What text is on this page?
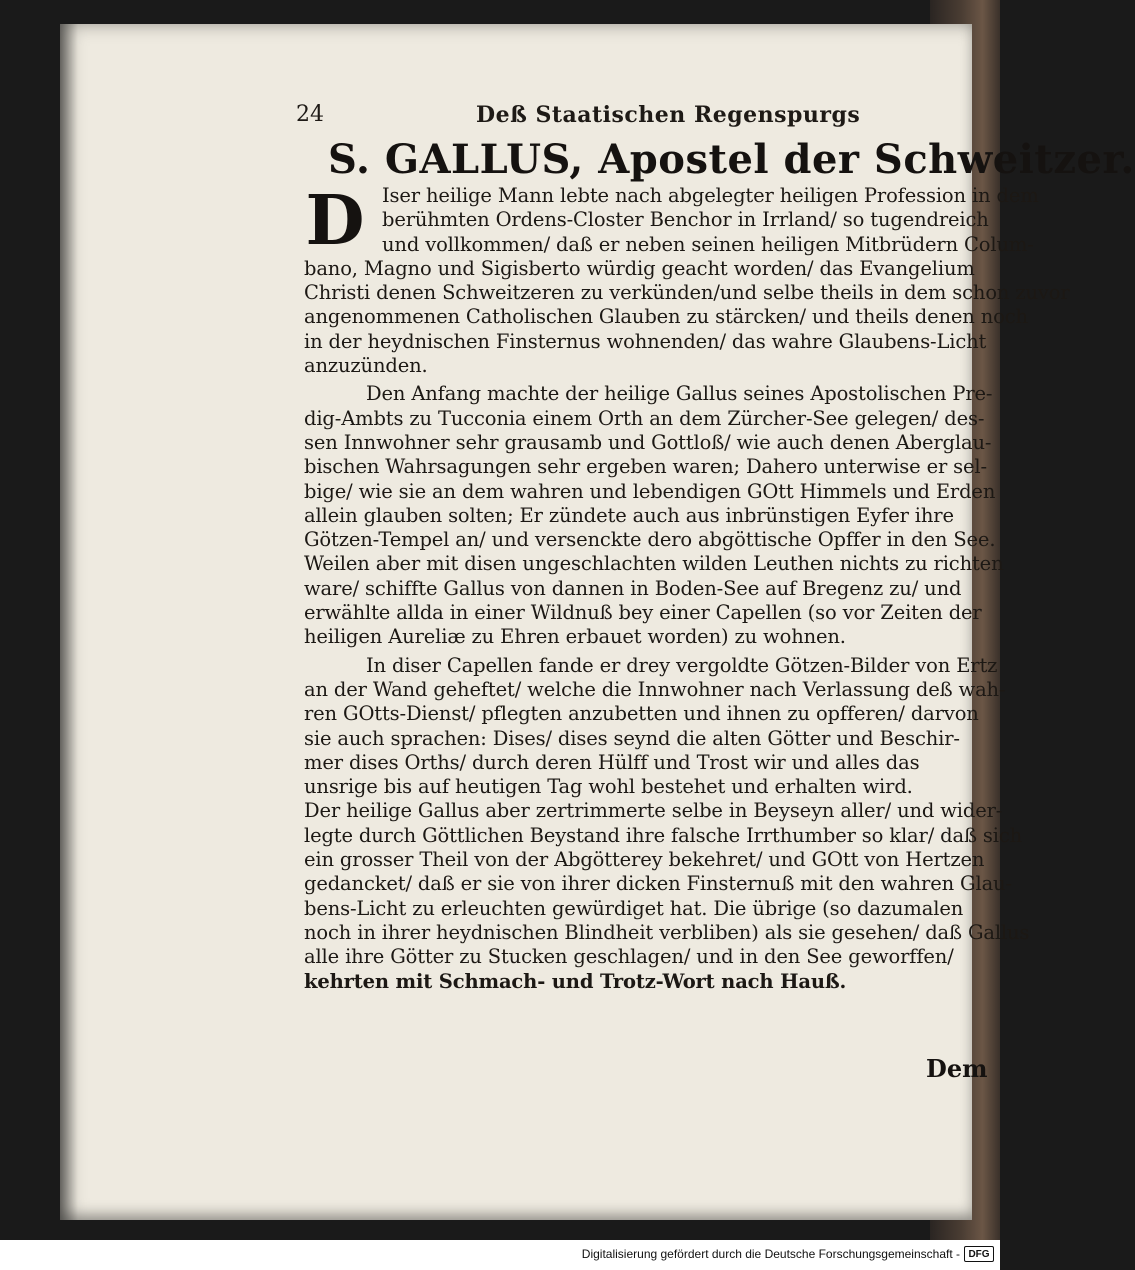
24	Deß Staatischen Regenspurgs
S. GALLUS, Apostel der Schweitzer.
D Iser heilige Mann lebte nach abgelegter heiligen Profession in dem
berühmten Ordens-Closter Benchor in Irrland/ so tugendreich
und vollkommen/ daß er neben seinen heiligen Mitbrüdern Colum-
bano, Magno und Sigisberto würdig geacht worden/ das Evangelium
Christi denen Schweitzeren zu verkünden/und selbe theils in dem schon zuvor
angenommenen Catholischen Glauben zu stärcken/ und theils denen noch
in der heydnischen Finsternus wohnenden/ das wahre Glaubens-Licht
anzuzünden.
Den Anfang machte der heilige Gallus seines Apostolischen Pre-
dig-Ambts zu Tucconia einem Orth an dem Zürcher-See gelegen/ des-
sen Innwohner sehr grausamb und Gottloß/ wie auch denen Aberglau-
bischen Wahrsagungen sehr ergeben waren; Dahero unterwise er sel-
bige/ wie sie an dem wahren und lebendigen GOtt Himmels und Erden
allein glauben solten; Er zündete auch aus inbrünstigen Eyfer ihre
Götzen-Tempel an/ und versenckte dero abgöttische Opffer in den See.
Weilen aber mit disen ungeschlachten wilden Leuthen nichts zu richten
ware/ schiffte Gallus von dannen in Boden-See auf Bregenz zu/ und
erwählte allda in einer Wildnuß bey einer Capellen (so vor Zeiten der
heiligen Aureliæ zu Ehren erbauet worden) zu wohnen.
In diser Capellen fande er drey vergoldte Götzen-Bilder von Ertz
an der Wand geheftet/ welche die Innwohner nach Verlassung deß wah-
ren GOtts-Dienst/ pflegten anzubetten und ihnen zu opfferen/ darvon
sie auch sprachen: Dises/ dises seynd die alten Götter und Beschir-
mer dises Orths/ durch deren Hülff und Trost wir und alles das
unsrige bis auf heutigen Tag wohl bestehet und erhalten wird.
Der heilige Gallus aber zertrimmerte selbe in Beyseyn aller/ und wider-
legte durch Göttlichen Beystand ihre falsche Irrthumber so klar/ daß sich
ein grosser Theil von der Abgötterey bekehret/ und GOtt von Hertzen
gedancket/ daß er sie von ihrer dicken Finsternuß mit den wahren Glau-
bens-Licht zu erleuchten gewürdiget hat. Die übrige (so dazumalen
noch in ihrer heydnischen Blindheit verbliben) als sie gesehen/ daß Gallus
alle ihre Götter zu Stucken geschlagen/ und in den See geworffen/
kehrten mit Schmach- und Trotz-Wort nach Hauß.
Dem
Digitalisierung gefördert durch die Deutsche Forschungsgemeinschaft - DFG
